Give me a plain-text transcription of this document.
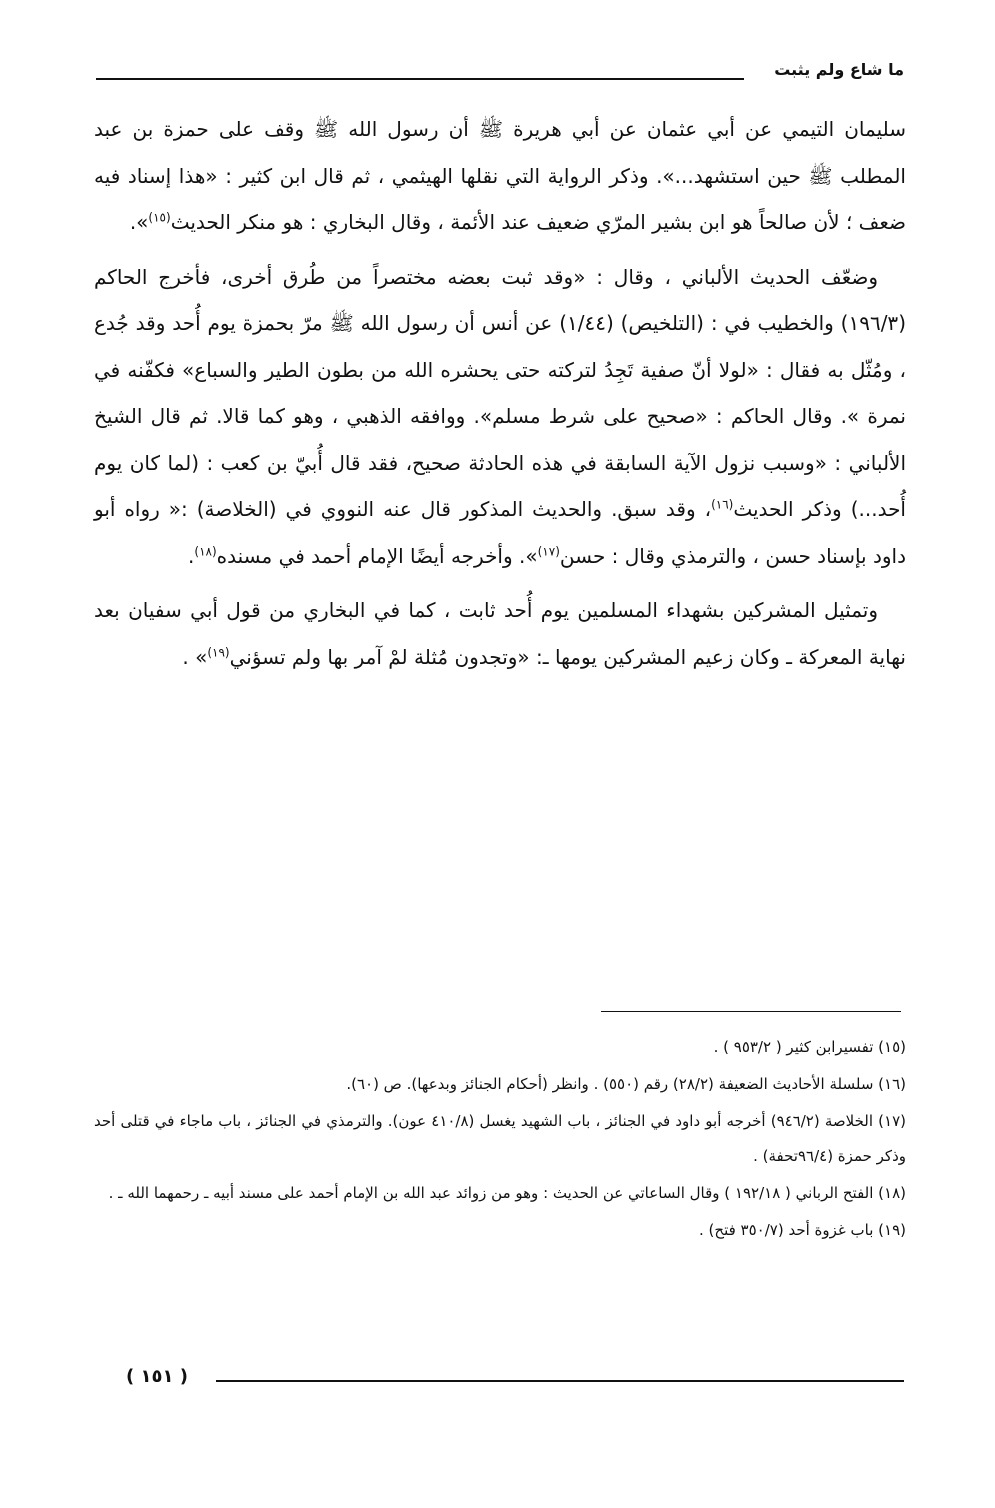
ما شاع ولم يثبت

سليمان التيمي عن أبي عثمان عن أبي هريرة ﷺ أن رسول الله ﷺ وقف على حمزة بن عبد المطلب ﷺ حين استشهد...». وذكر الرواية التي نقلها الهيثمي ، ثم قال ابن كثير : «هذا إسناد فيه ضعف ؛ لأن صالحاً هو ابن بشير المرّي ضعيف عند الأئمة ، وقال البخاري : هو منكر الحديث$^{(١٥)}$».

وضعّف الحديث الألباني ، وقال : «وقد ثبت بعضه مختصراً من طُرق أخرى، فأخرج الحاكم (١٩٦/٣) والخطيب في : (التلخيص) (١/٤٤) عن أنس أن رسول الله ﷺ مرّ بحمزة يوم أُحد وقد جُدع ، ومُثّل به فقال : «لولا أنّ صفية تَجِدُ لتركته حتى يحشره الله من بطون الطير والسباع» فكفّنه في نمرة ». وقال الحاكم : «صحيح على شرط مسلم». ووافقه الذهبي ، وهو كما قالا. ثم قال الشيخ الألباني : «وسبب نزول الآية السابقة في هذه الحادثة صحيح، فقد قال أُبيّ بن كعب : (لما كان يوم أُحد...) وذكر الحديث$^{(١٦)}$، وقد سبق. والحديث المذكور قال عنه النووي في (الخلاصة) :« رواه أبو داود بإسناد حسن ، والترمذي وقال : حسن$^{(١٧)}$». وأخرجه أيضًا الإمام أحمد في مسنده$^{(١٨)}$.

وتمثيل المشركين بشهداء المسلمين يوم أُحد ثابت ، كما في البخاري من قول أبي سفيان بعد نهاية المعركة ـ وكان زعيم المشركين يومها ـ: «وتجدون مُثلة لمْ آمر بها ولم تسؤني$^{(١٩)}$» .

(١٥) تفسيرابن كثير ( ٩٥٣/٢ ) .
(١٦) سلسلة الأحاديث الضعيفة (٢٨/٢) رقم (٥٥٠) . وانظر (أحكام الجنائز وبدعها). ص (٦٠).
(١٧) الخلاصة (٩٤٦/٢) أخرجه أبو داود في الجنائز ، باب الشهيد يغسل (٤١٠/٨ عون). والترمذي في الجنائز ، باب ماجاء في قتلى أحد وذكر حمزة (٩٦/٤تحفة) .
(١٨) الفتح الرباني ( ١٩٢/١٨ ) وقال الساعاتي عن الحديث : وهو من زوائد عبد الله بن الإمام أحمد على مسند أبيه ـ رحمهما الله ـ .
(١٩) باب غزوة أحد (٣٥٠/٧ فتح) .
( ١٥١ )
